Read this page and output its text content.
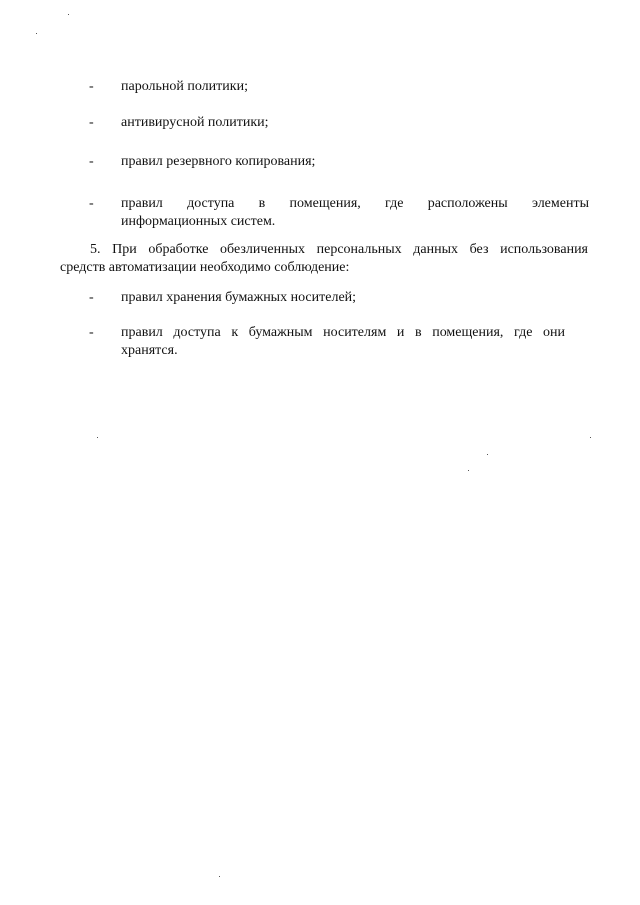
-	парольной политики;
-	антивирусной политики;
-	правил резервного копирования;
-	правил доступа в помещения, где расположены элементы
информационных систем.
5. При обработке обезличенных персональных данных без использования
средств автоматизации необходимо соблюдение:
-	правил хранения бумажных носителей;
-	правил доступа к бумажным носителям и в помещения, где они
хранятся.
